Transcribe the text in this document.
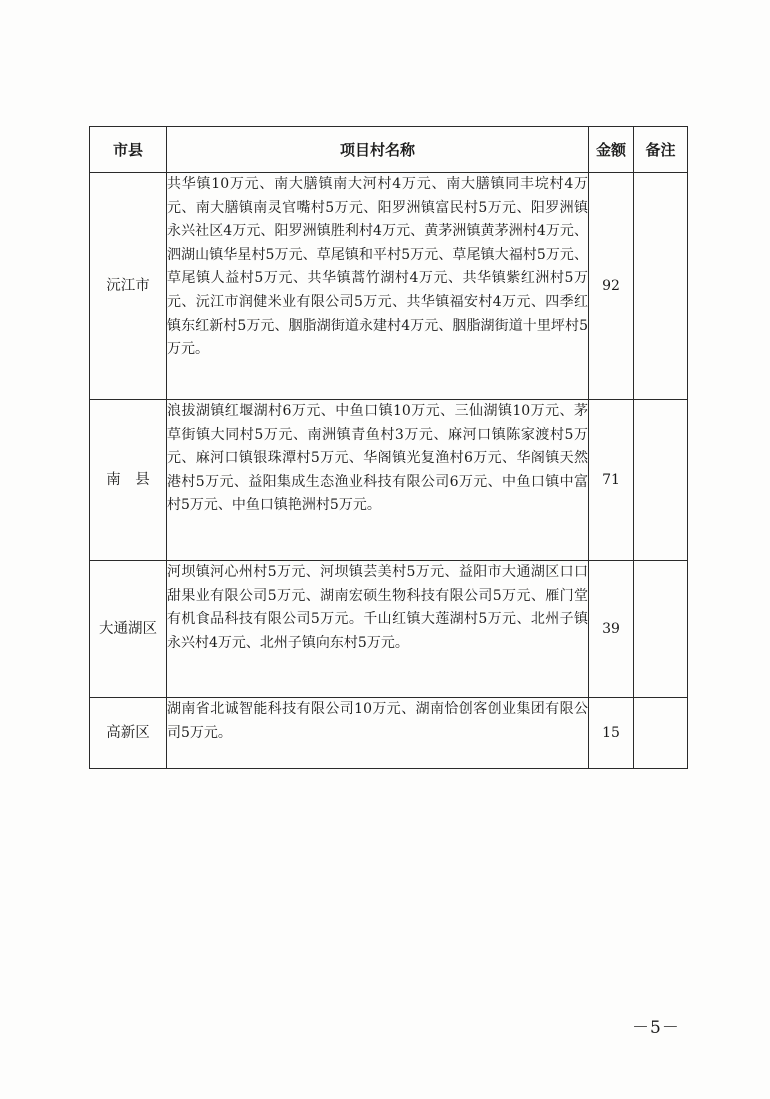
市县	项目村名称	金额	备注
沅江市	共华镇10万元、南大膳镇南大河村4万元、南大膳镇同丰垸村4万元、南大膳镇南灵官嘴村5万元、阳罗洲镇富民村5万元、阳罗洲镇永兴社区4万元、阳罗洲镇胜利村4万元、黄茅洲镇黄茅洲村4万元、泗湖山镇华星村5万元、草尾镇和平村5万元、草尾镇大福村5万元、草尾镇人益村5万元、共华镇蒿竹湖村4万元、共华镇紫红洲村5万元、沅江市润健米业有限公司5万元、共华镇福安村4万元、四季红镇东红新村5万元、胭脂湖街道永建村4万元、胭脂湖街道十里坪村5万元。	92	
南　县	浪拔湖镇红堰湖村6万元、中鱼口镇10万元、三仙湖镇10万元、茅草街镇大同村5万元、南洲镇青鱼村3万元、麻河口镇陈家渡村5万元、麻河口镇银珠潭村5万元、华阁镇光复渔村6万元、华阁镇天然港村5万元、益阳集成生态渔业科技有限公司6万元、中鱼口镇中富村5万元、中鱼口镇艳洲村5万元。	71	
大通湖区	河坝镇河心州村5万元、河坝镇芸美村5万元、益阳市大通湖区口口甜果业有限公司5万元、湖南宏硕生物科技有限公司5万元、雁门堂有机食品科技有限公司5万元。千山红镇大莲湖村5万元、北州子镇永兴村4万元、北州子镇向东村5万元。	39	
高新区	湖南省北诚智能科技有限公司10万元、湖南恰创客创业集团有限公司5万元。	15	
－5－
